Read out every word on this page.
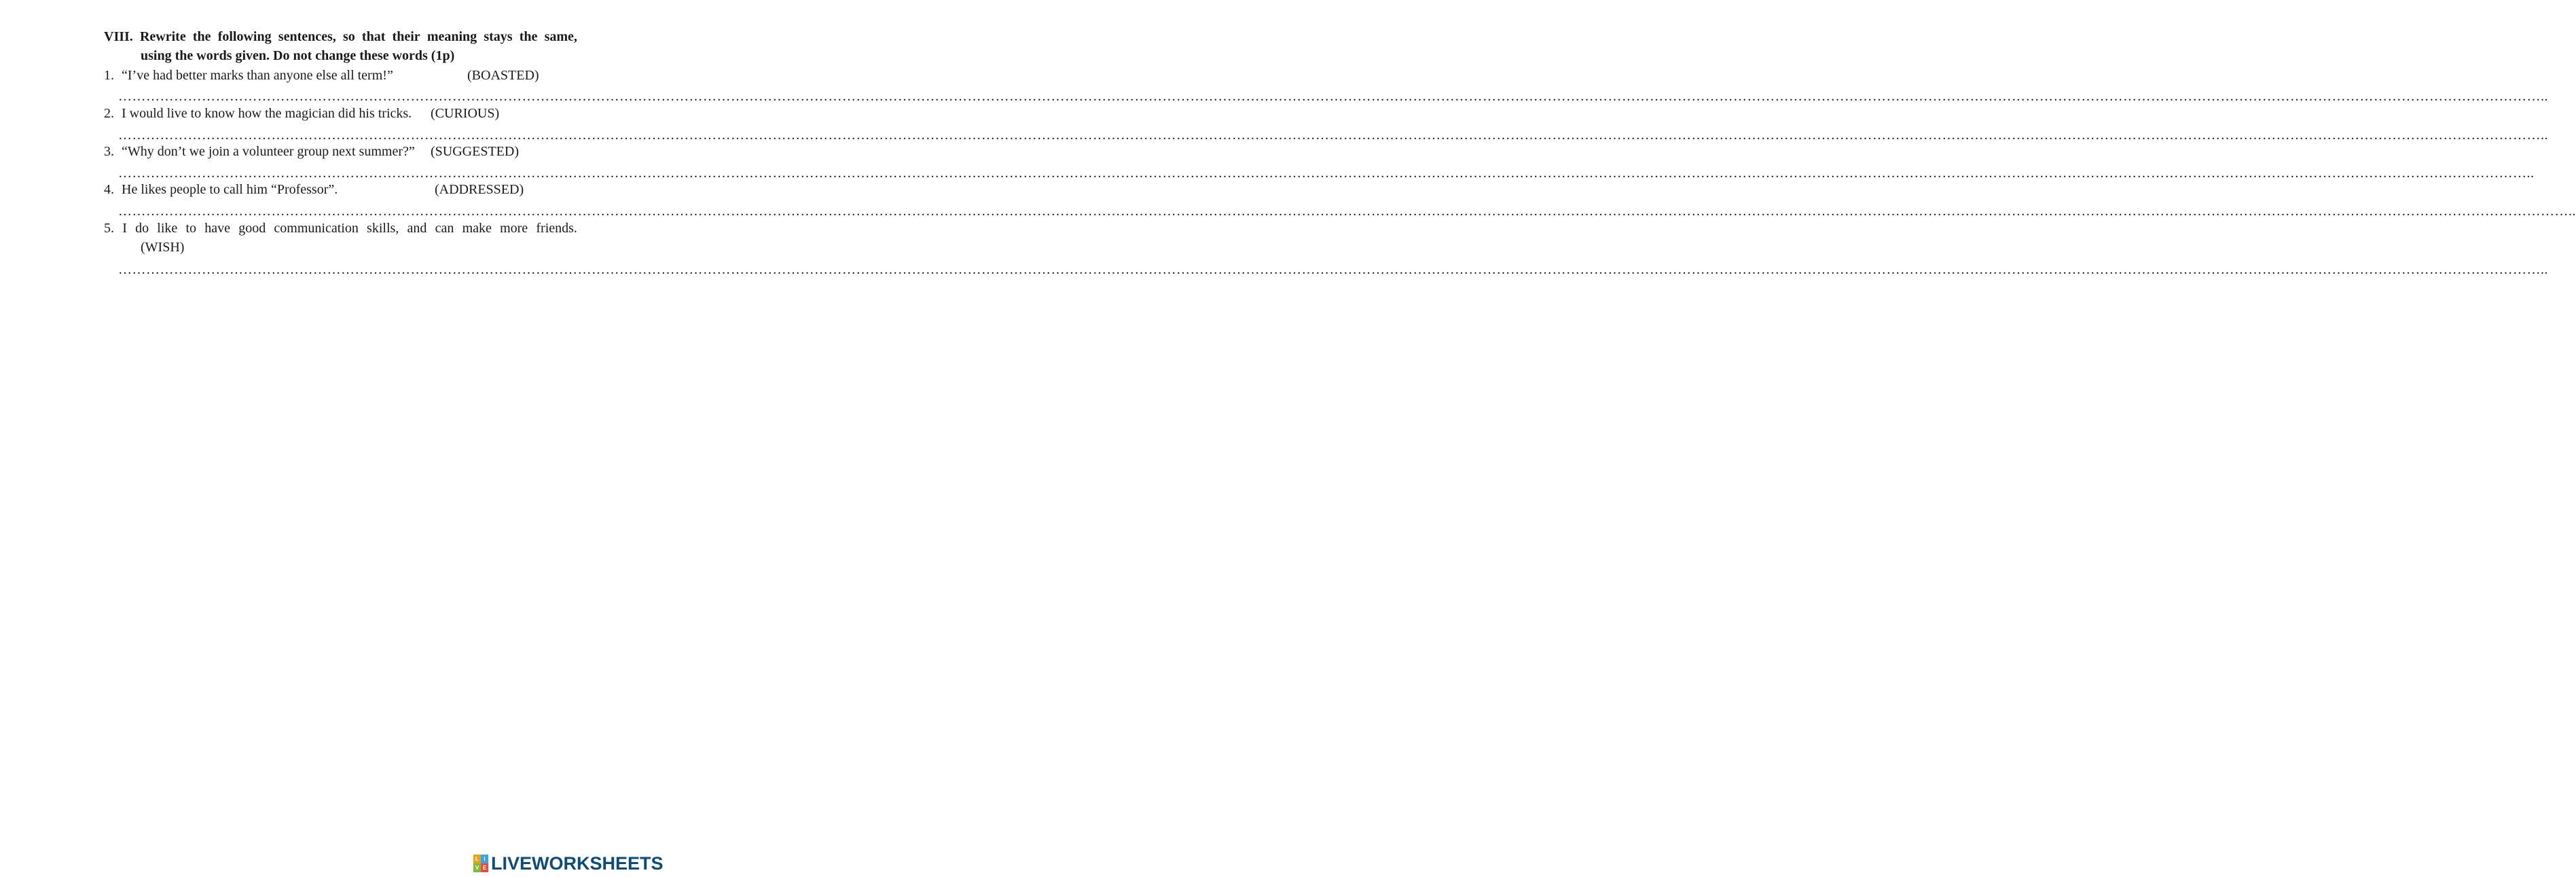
VIII. Rewrite the following sentences, so that their meaning stays the same,
using the words given. Do not change these words (1p)
1. “I’ve had better marks than anyone else all term!”	(BOASTED)
………………………………………………………………………………………………………………………………………………………………………………………………………………………………………………………………………………………………………………………………………………………………………………………………………………………………………………………………………………..
2. I would live to know how the magician did his tricks. (CURIOUS)
………………………………………………………………………………………………………………………………………………………………………………………………………………………………………………………………………………………………………………………………………………………………………………………………………………………………………………………………………………..
3. “Why don’t we join a volunteer group next summer?” (SUGGESTED)
……………………………………………………………………………………………………………………………………………………………………………………………………………………………………………………………………………………………………………………………………………………………………………………………………………………………………………………………………………..
4. He likes people to call him “Professor”.	(ADDRESSED)
……………………………………………………………………………………………………………………………………………………………………………………………………………………………………………………………………………………………………………………………………………………………………………………………………………………………………………………………………………………..
5. I do like to have good communication skills, and can make more friends.
(WISH)
………………………………………………………………………………………………………………………………………………………………………………………………………………………………………………………………………………………………………………………………………………………………………………………………………………………………………………………………………………..
L I
V E LIVEWORKSHEETS
